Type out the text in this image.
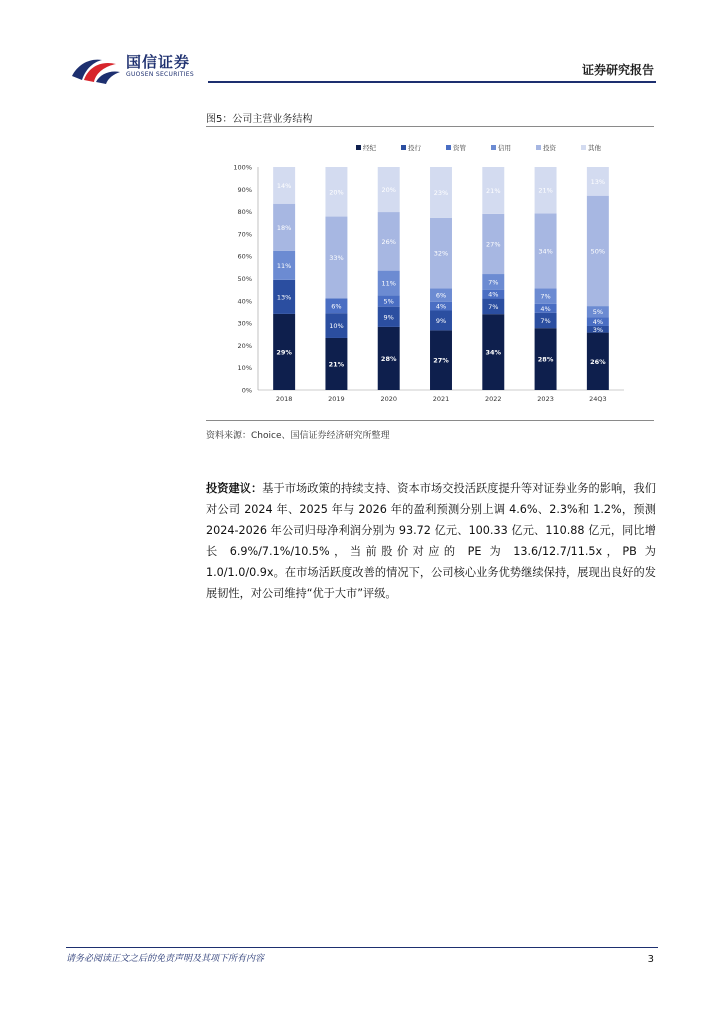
国信证券
GUOSEN SECURITIES	证券研究报告
图5：公司主营业务结构
0%
10%
20%
30%
40%
50%
60%
70%
80%
90%
100%
经纪	投行	资管	信用	投资	其他
29%
13%
11%
18%
14%
2018
21%
10%
6%
33%
20%
2019
28%
9%
5%
11%
26%
20%
2020
27%
9%
4%
6%
32%
23%
2021
34%
7%
4%
7%
27%
21%
2022
28%
7%
4%
7%
34%
21%
2023
26%
3%
4%
5%
50%
13%
24Q3
资料来源：Choice、国信证券经济研究所整理
投资建议：基于市场政策的持续支持、资本市场交投活跃度提升等对证券业务的影响，我们对公司 2024 年、2025 年与 2026 年的盈利预测分别上调 4.6%、2.3%和 1.2%，预测 2024-2026 年公司归母净利润分别为 93.72 亿元、100.33 亿元、110.88 亿元，同比增长 6.9%/7.1%/10.5%，当前股价对应的 PE 为 13.6/12.7/11.5x，PB 为 1.0/1.0/0.9x。在市场活跃度改善的情况下，公司核心业务优势继续保持，展现出良好的发展韧性，对公司维持“优于大市”评级。
请务必阅读正文之后的免责声明及其项下所有内容	3
